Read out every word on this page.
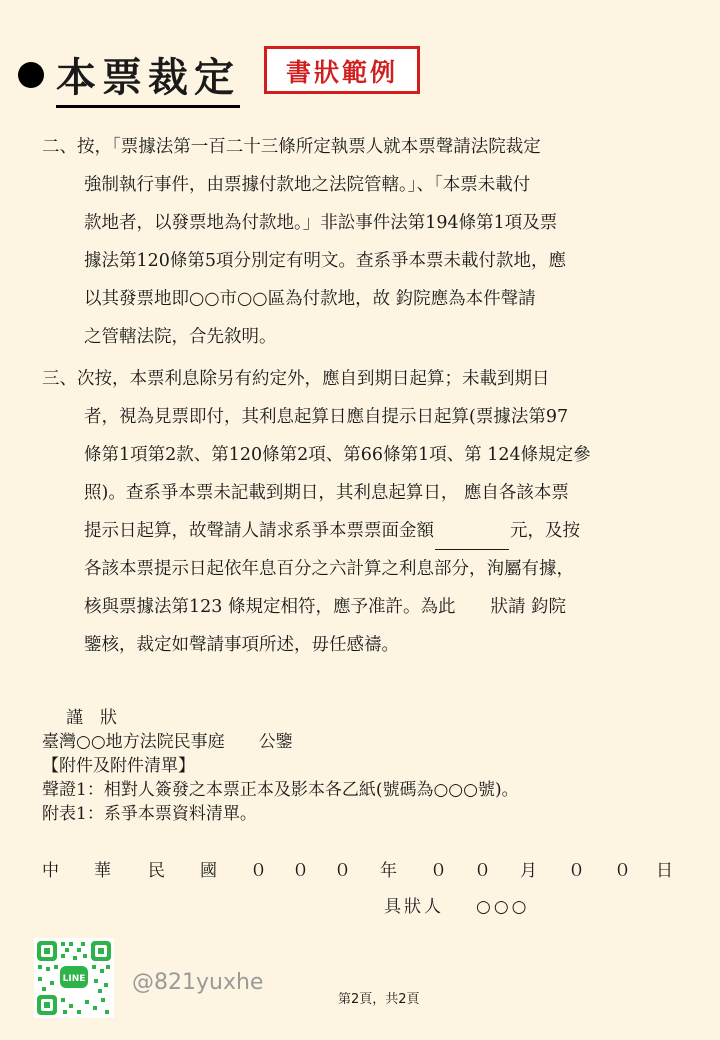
本票裁定	書狀範例
二、按，「票據法第一百二十三條所定執票人就本票聲請法院裁定
強制執行事件，由票據付款地之法院管轄。」、「本票未載付
款地者，以發票地為付款地。」非訟事件法第194條第1項及票
據法第120條第5項分別定有明文。查系爭本票未載付款地，應
以其發票地即○○市○○區為付款地，故 鈞院應為本件聲請
之管轄法院，合先敘明。
三、次按，本票利息除另有約定外，應自到期日起算；未載到期日
者，視為見票即付，其利息起算日應自提示日起算(票據法第97
條第1項第2款、第120條第2項、第66條第1項、第 124條規定參
照)。查系爭本票未記載到期日，其利息起算日， 應自各該本票
提示日起算，故聲請人請求系爭本票票面金額	元，及按
各該本票提示日起依年息百分之六計算之利息部分，洵屬有據，
核與票據法第123 條規定相符，應予准許。為此　　狀請 鈞院
鑒核，裁定如聲請事項所述，毋任感禱。
謹　狀
臺灣○○地方法院民事庭　　公鑒
【附件及附件清單】
聲證1：相對人簽發之本票正本及影本各乙紙(號碼為○○○號)。
附表1：系爭本票資料清單。
中 華 民 國 ０ ０ ０ 年 ０ ０ 月 ０ ０ 日
具狀人 ○○○
LINE @821yuxhe
第2頁，共2頁
